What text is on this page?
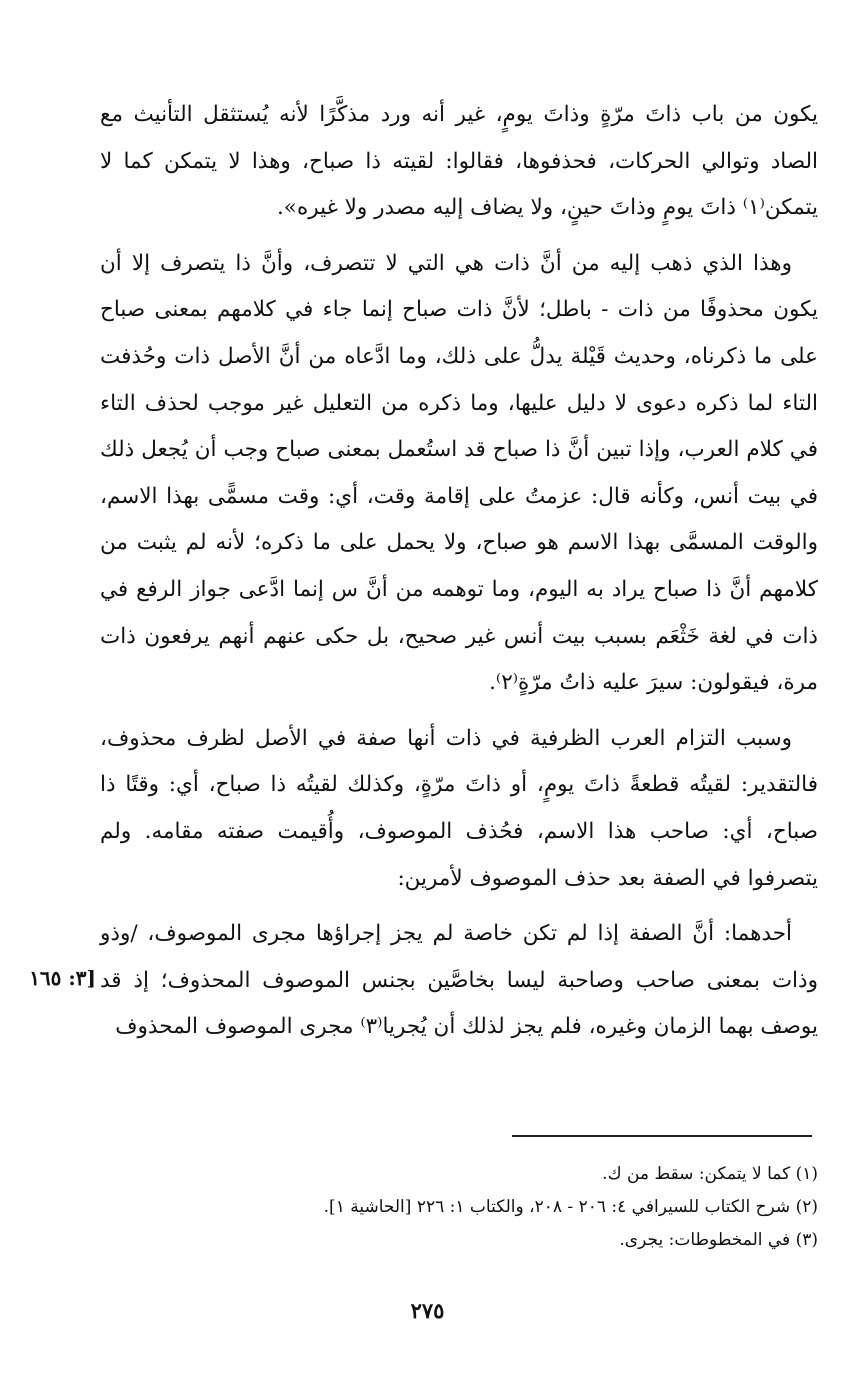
يكون من باب ذاتَ مرّةٍ وذاتَ يومٍ، غير أنه ورد مذكَّرًا لأنه يُستثقل التأنيث مع الصاد وتوالي الحركات، فحذفوها، فقالوا: لقيته ذا صباح، وهذا لا يتمكن كما لا يتمكن⁽١⁾ ذاتَ يومٍ وذاتَ حينٍ، ولا يضاف إليه مصدر ولا غيره».

وهذا الذي ذهب إليه من أنَّ ذات هي التي لا تتصرف، وأنَّ ذا يتصرف إلا أن يكون محذوفًا من ذات - باطل؛ لأنَّ ذات صباح إنما جاء في كلامهم بمعنى صباح على ما ذكرناه، وحديث قَيْلة يدلُّ على ذلك، وما ادَّعاه من أنَّ الأصل ذات وحُذفت التاء لما ذكره دعوى لا دليل عليها، وما ذكره من التعليل غير موجب لحذف التاء في كلام العرب، وإذا تبين أنَّ ذا صباح قد استُعمل بمعنى صباح وجب أن يُجعل ذلك في بيت أنس، وكأنه قال: عزمتُ على إقامة وقت، أي: وقت مسمًّى بهذا الاسم، والوقت المسمَّى بهذا الاسم هو صباح، ولا يحمل على ما ذكره؛ لأنه لم يثبت من كلامهم أنَّ ذا صباح يراد به اليوم، وما توهمه من أنَّ س إنما ادَّعى جواز الرفع في ذات في لغة خَثْعَم بسبب بيت أنس غير صحيح، بل حكى عنهم أنهم يرفعون ذات مرة، فيقولون: سيرَ عليه ذاتُ مرّةٍ⁽٢⁾.

وسبب التزام العرب الظرفية في ذات أنها صفة في الأصل لظرف محذوف، فالتقدير: لقيتُه قطعةً ذاتَ يومٍ، أو ذاتَ مرّةٍ، وكذلك لقيتُه ذا صباح، أي: وقتًا ذا صباح، أي: صاحب هذا الاسم، فحُذف الموصوف، وأُقيمت صفته مقامه. ولم يتصرفوا في الصفة بعد حذف الموصوف لأمرين:

أحدهما: أنَّ الصفة إذا لم تكن خاصة لم يجز إجراؤها مجرى الموصوف، /وذو وذات بمعنى صاحب وصاحبة ليسا بخاصَّين بجنس الموصوف المحذوف؛ إذ قد يوصف بهما الزمان وغيره، فلم يجز لذلك أن يُجريا⁽٣⁾ مجرى الموصوف المحذوف

[٣: ١٦٥

(١) كما لا يتمكن: سقط من ك.

(٢) شرح الكتاب للسيرافي ٤: ٢٠٦ - ٢٠٨، والكتاب ١: ٢٢٦ [الحاشية ١].

(٣) في المخطوطات: يجرى.

٢٧٥
